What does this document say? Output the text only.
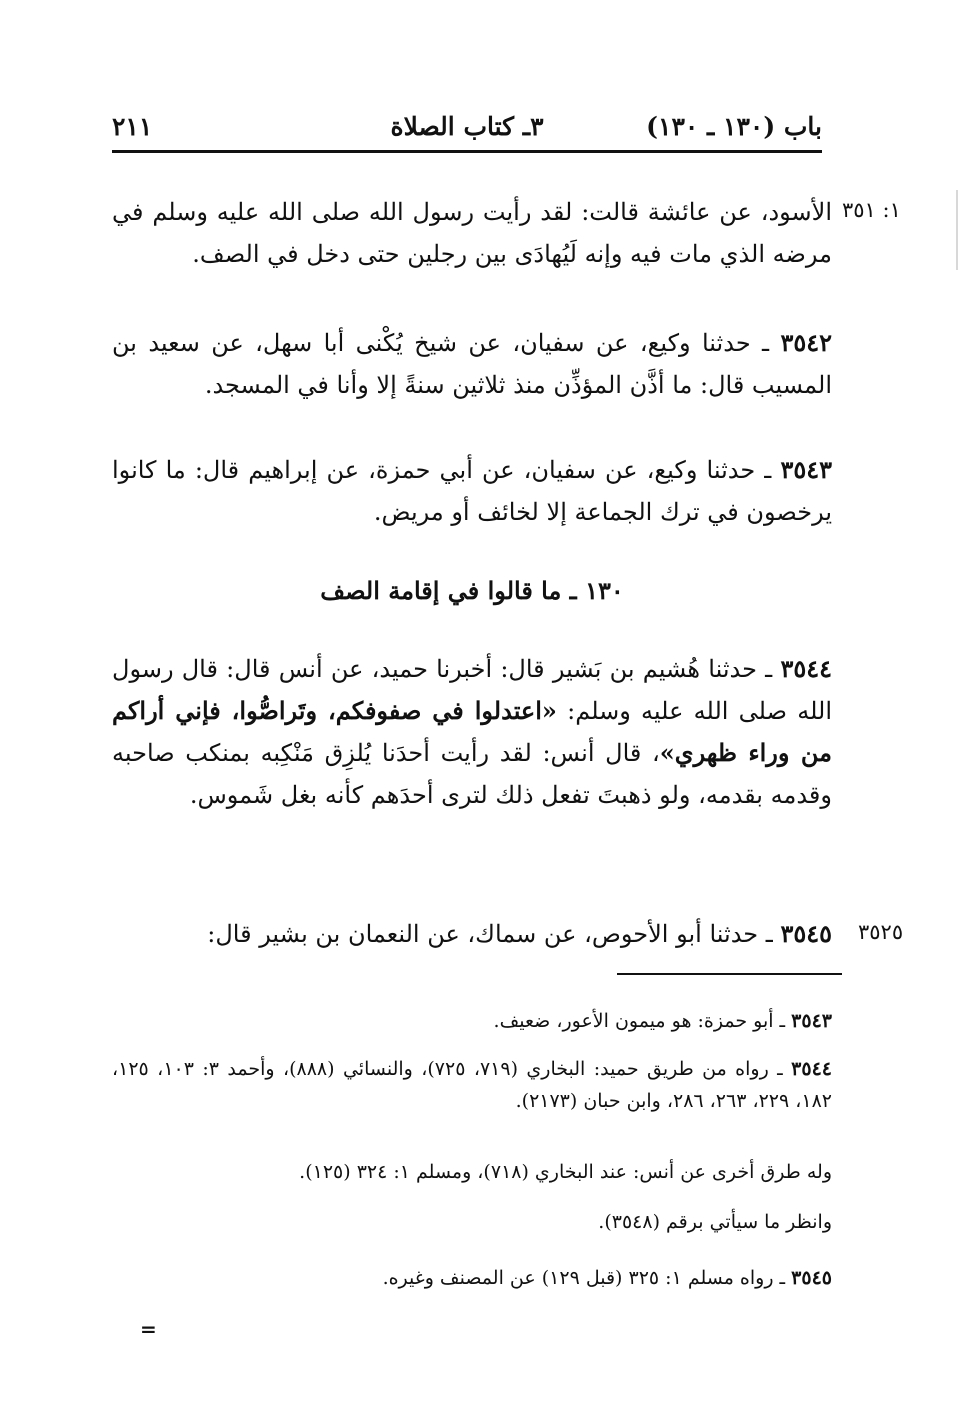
٢١١	٣ـ كتاب الصلاة	باب (١٣٠ ـ ١٣٠)
١: ٣٥١
الأسود، عن عائشة قالت: لقد رأيت رسول الله صلى الله عليه وسلم في مرضه الذي مات فيه وإنه لَيُهادَى بين رجلين حتى دخل في الصف.
٣٥٤٢ ـ حدثنا وكيع، عن سفيان، عن شيخ يُكْنى أبا سهل، عن سعيد بن المسيب قال: ما أذَّن المؤذِّن منذ ثلاثين سنةً إلا وأنا في المسجد.
٣٥٤٣ ـ حدثنا وكيع، عن سفيان، عن أبي حمزة، عن إبراهيم قال: ما كانوا يرخصون في ترك الجماعة إلا لخائف أو مريض.
١٣٠ ـ ما قالوا في إقامة الصف
٣٥٤٤ ـ حدثنا هُشيم بن بَشير قال: أخبرنا حميد، عن أنس قال: قال رسول الله صلى الله عليه وسلم: «اعتدلوا في صفوفكم، وتَراصُّوا، فإني أراكم من وراء ظهري»، قال أنس: لقد رأيت أحدَنا يُلزِق مَنْكِبه بمنكب صاحبه وقدمه بقدمه، ولو ذهبتَ تفعل ذلك لترى أحدَهم كأنه بغل شَموس.
٣٥٢٥
٣٥٤٥ ـ حدثنا أبو الأحوص، عن سماك، عن النعمان بن بشير قال:
٣٥٤٣ ـ أبو حمزة: هو ميمون الأعور، ضعيف.
٣٥٤٤ ـ رواه من طريق حميد: البخاري (٧١٩، ٧٢٥)، والنسائي (٨٨٨)، وأحمد ٣: ١٠٣، ١٢٥، ١٨٢، ٢٢٩، ٢٦٣، ٢٨٦، وابن حبان (٢١٧٣).
وله طرق أخرى عن أنس: عند البخاري (٧١٨)، ومسلم ١: ٣٢٤ (١٢٥).
وانظر ما سيأتي برقم (٣٥٤٨).
٣٥٤٥ ـ رواه مسلم ١: ٣٢٥ (قبل ١٢٩) عن المصنف وغيره.
=
